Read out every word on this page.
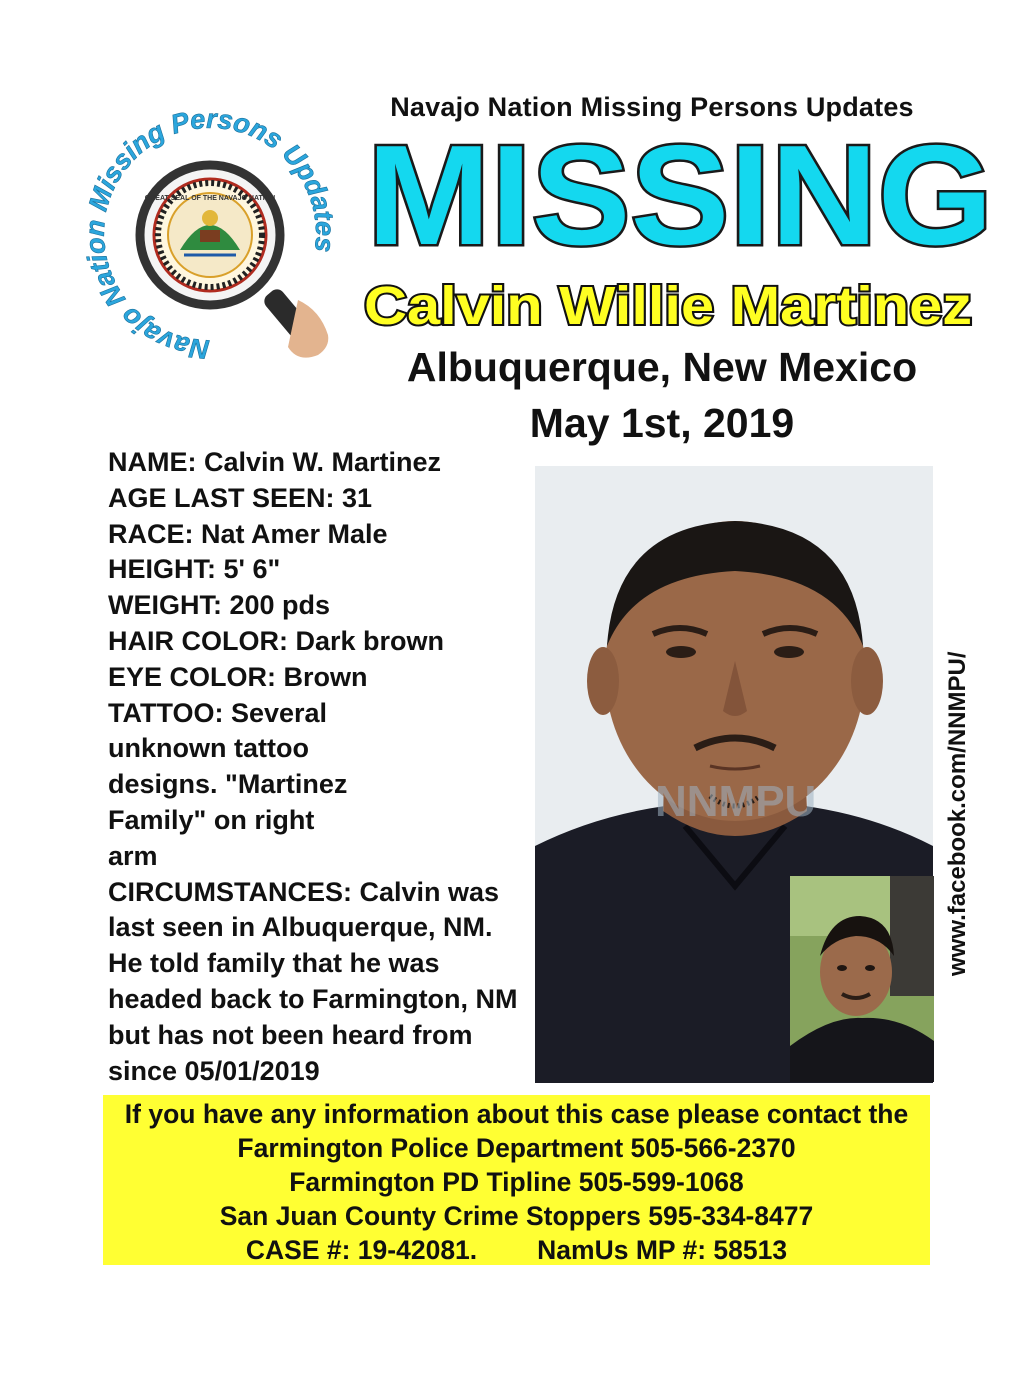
Navajo Nation Missing Persons Updates
GREAT SEAL OF THE NAVAJO NATION
Navajo Nation Missing Persons Updates
MISSING
Calvin Willie Martinez
Albuquerque, New Mexico
May 1st, 2019
NAME: Calvin W. Martinez
AGE LAST SEEN: 31
RACE: Nat Amer Male
HEIGHT: 5' 6"
WEIGHT: 200 pds
HAIR COLOR: Dark brown
EYE COLOR: Brown
TATTOO: Several unknown tattoo designs. "Martinez Family" on right arm
CIRCUMSTANCES: Calvin was last seen in Albuquerque, NM. He told family that he was headed back to Farmington, NM but has not been heard from since 05/01/2019
NNMPU	www.facebook.com/NNMPU/
If you have any information about this case please contact the
Farmington Police Department 505-566-2370
Farmington PD Tipline 505-599-1068
San Juan County Crime Stoppers 595-334-8477
CASE #: 19-42081. NamUs MP #: 58513
